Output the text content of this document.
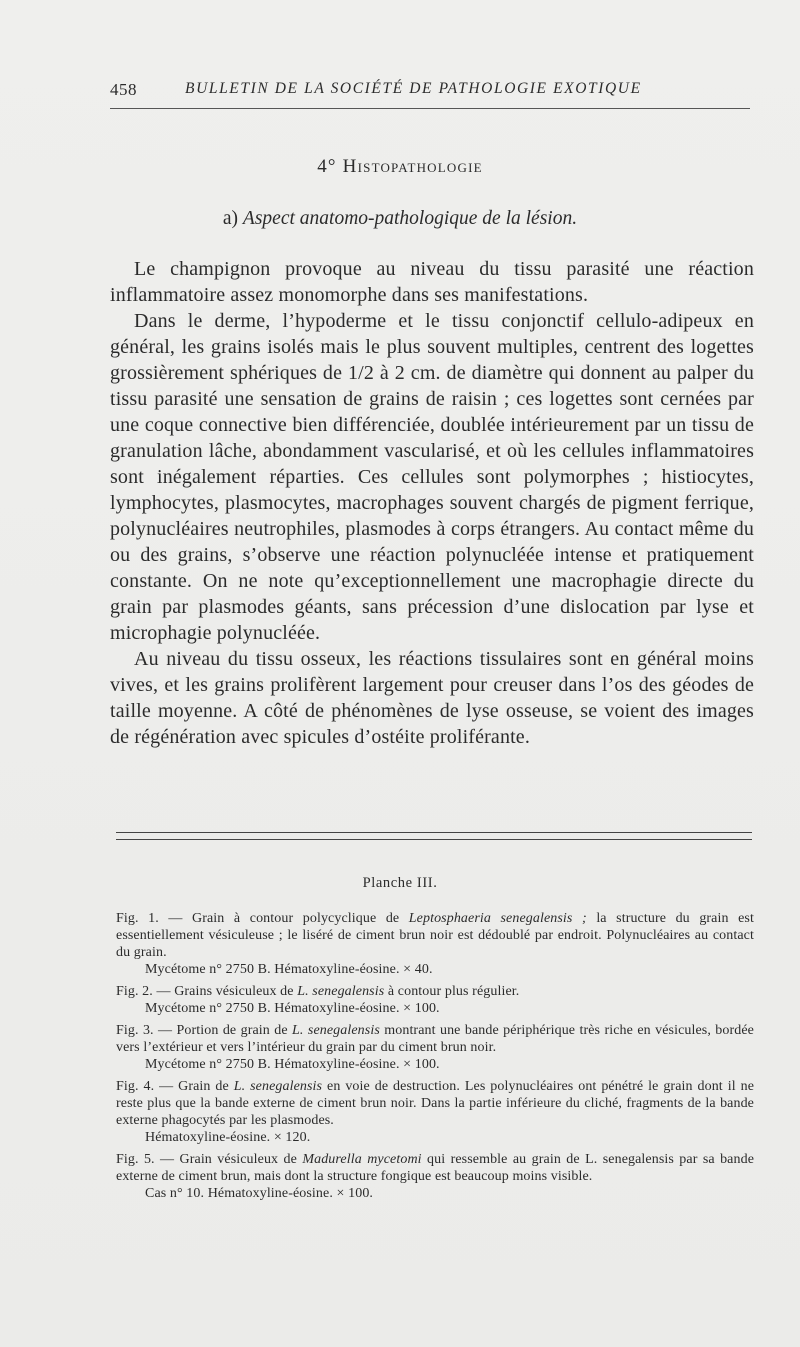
458	BULLETIN DE LA SOCIÉTÉ DE PATHOLOGIE EXOTIQUE
4° Histopathologie
a) Aspect anatomo-pathologique de la lésion.

Le champignon provoque au niveau du tissu parasité une réaction inflammatoire assez monomorphe dans ses manifestations.

Dans le derme, l’hypoderme et le tissu conjonctif cellulo-adipeux en général, les grains isolés mais le plus souvent multiples, centrent des logettes grossièrement sphériques de 1/2 à 2 cm. de diamètre qui donnent au palper du tissu parasité une sensation de grains de raisin ; ces logettes sont cernées par une coque connective bien différenciée, doublée intérieurement par un tissu de granulation lâche, abondamment vascularisé, et où les cellules inflammatoires sont inégalement réparties. Ces cellules sont polymorphes ; histiocytes, lymphocytes, plasmocytes, macrophages souvent chargés de pigment ferrique, polynucléaires neutrophiles, plasmodes à corps étrangers. Au contact même du ou des grains, s’observe une réaction polynucléée intense et pratiquement constante. On ne note qu’exceptionnellement une macrophagie directe du grain par plasmodes géants, sans précession d’une dislocation par lyse et microphagie polynucléée.

Au niveau du tissu osseux, les réactions tissulaires sont en général moins vives, et les grains prolifèrent largement pour creuser dans l’os des géodes de taille moyenne. A côté de phénomènes de lyse osseuse, se voient des images de régénération avec spicules d’ostéite proliférante.

Planche III.

Fig. 1. — Grain à contour polycyclique de Leptosphaeria senegalensis ; la structure du grain est essentiellement vésiculeuse ; le liséré de ciment brun noir est dédoublé par endroit. Polynucléaires au contact du grain.

Mycétome n° 2750 B. Hématoxyline-éosine. × 40.

Fig. 2. — Grains vésiculeux de L. senegalensis à contour plus régulier.

Mycétome n° 2750 B. Hématoxyline-éosine. × 100.

Fig. 3. — Portion de grain de L. senegalensis montrant une bande périphérique très riche en vésicules, bordée vers l’extérieur et vers l’intérieur du grain par du ciment brun noir.

Mycétome n° 2750 B. Hématoxyline-éosine. × 100.

Fig. 4. — Grain de L. senegalensis en voie de destruction. Les polynucléaires ont pénétré le grain dont il ne reste plus que la bande externe de ciment brun noir. Dans la partie inférieure du cliché, fragments de la bande externe phagocytés par les plasmodes.

Hématoxyline-éosine. × 120.

Fig. 5. — Grain vésiculeux de Madurella mycetomi qui ressemble au grain de L. senegalensis par sa bande externe de ciment brun, mais dont la structure fongique est beaucoup moins visible.

Cas n° 10. Hématoxyline-éosine. × 100.
